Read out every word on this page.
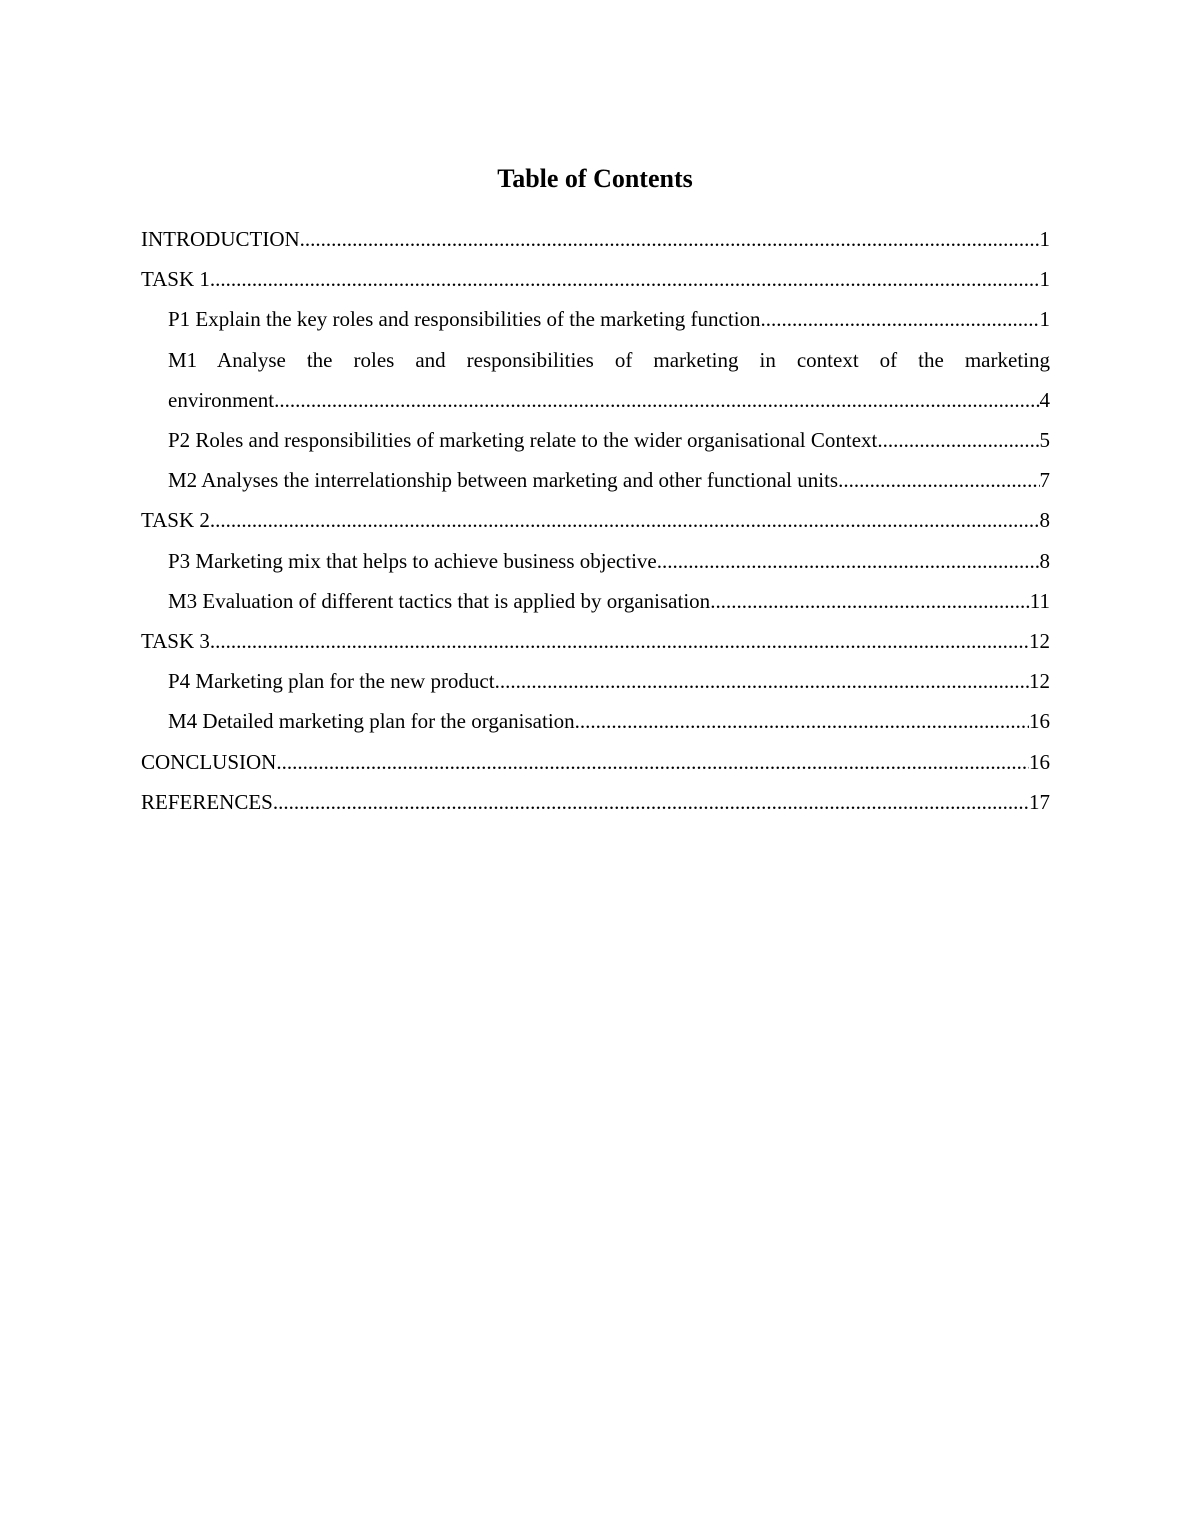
Table of Contents
INTRODUCTION .....	1
TASK 1 .....	1
P1 Explain the key roles and responsibilities of the marketing function .....	1
M1 Analyse the roles and responsibilities of marketing in context of the marketing
environment .....	4
P2 Roles and responsibilities of marketing relate to the wider organisational Context .....	5
M2 Analyses the interrelationship between marketing and other functional units .....	7
TASK 2 .....	8
P3 Marketing mix that helps to achieve business objective .....	8
M3 Evaluation of different tactics that is applied by organisation .....	11
TASK 3 .....	12
P4 Marketing plan for the new product .....	12
M4 Detailed marketing plan for the organisation .....	16
CONCLUSION .....	16
REFERENCES .....	17
